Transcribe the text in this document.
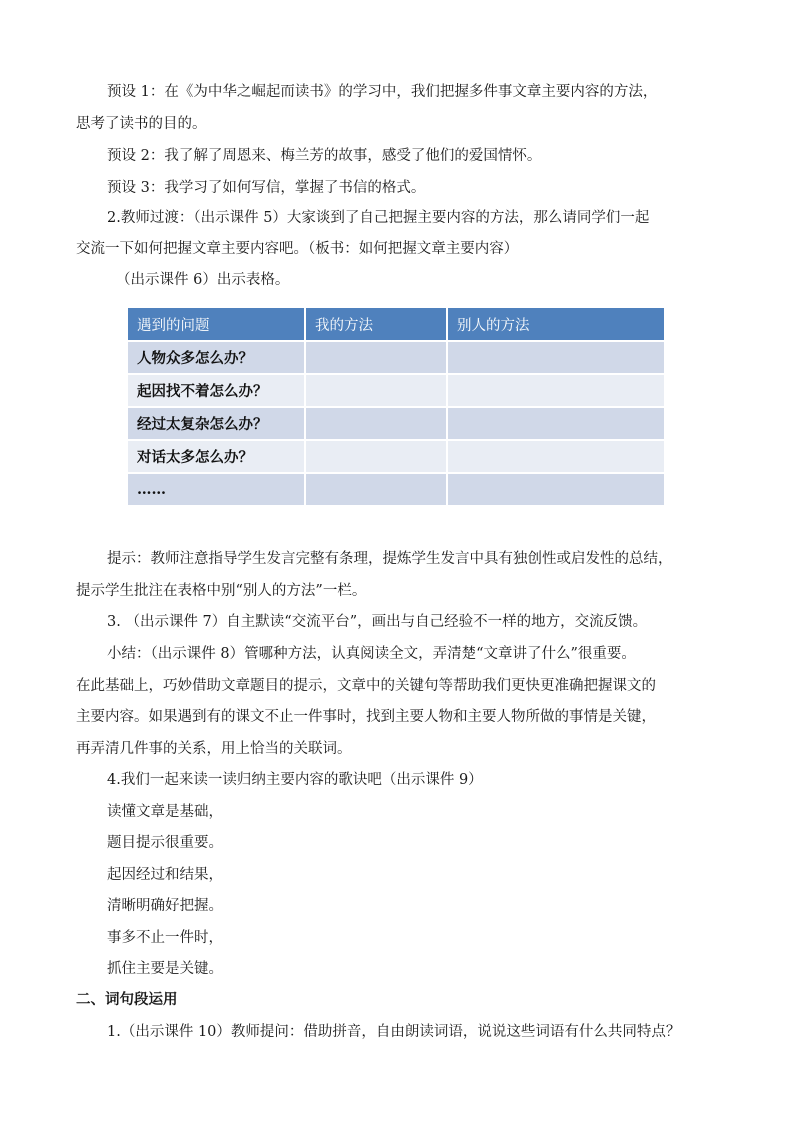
预设 1：在《为中华之崛起而读书》的学习中，我们把握多件事文章主要内容的方法，
思考了读书的目的。
预设 2：我了解了周恩来、梅兰芳的故事，感受了他们的爱国情怀。
预设 3：我学习了如何写信，掌握了书信的格式。
2.教师过渡：（出示课件 5）大家谈到了自己把握主要内容的方法，那么请同学们一起
交流一下如何把握文章主要内容吧。（板书：如何把握文章主要内容）
（出示课件 6）出示表格。
遇到的问题	我的方法	别人的方法
人物众多怎么办？		
起因找不着怎么办？		
经过太复杂怎么办？		
对话太多怎么办？		
……		
提示：教师注意指导学生发言完整有条理，提炼学生发言中具有独创性或启发性的总结，
提示学生批注在表格中别“别人的方法”一栏。
3. （出示课件 7）自主默读“交流平台”，画出与自己经验不一样的地方，交流反馈。
小结：（出示课件 8）管哪种方法，认真阅读全文，弄清楚“文章讲了什么”很重要。
在此基础上，巧妙借助文章题目的提示，文章中的关键句等帮助我们更快更准确把握课文的
主要内容。如果遇到有的课文不止一件事时，找到主要人物和主要人物所做的事情是关键，
再弄清几件事的关系，用上恰当的关联词。
4.我们一起来读一读归纳主要内容的歌诀吧（出示课件 9）
读懂文章是基础，
题目提示很重要。
起因经过和结果，
清晰明确好把握。
事多不止一件时，
抓住主要是关键。
二、词句段运用
1.（出示课件 10）教师提问：借助拼音，自由朗读词语，说说这些词语有什么共同特点？
